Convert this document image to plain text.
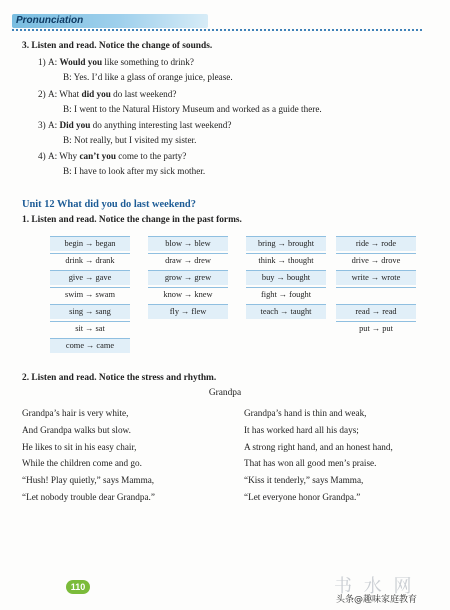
Pronunciation
3. Listen and read. Notice the change of sounds.
1) A: Would you like something to drink?
B: Yes. I’d like a glass of orange juice, please.
2) A: What did you do last weekend?
B: I went to the Natural History Museum and worked as a guide there.
3) A: Did you do anything interesting last weekend?
B: Not really, but I visited my sister.
4) A: Why can’t you come to the party?
B: I have to look after my sick mother.
Unit 12 What did you do last weekend?
1. Listen and read. Notice the change in the past forms.
begin → began
drink → drank
give → gave
swim → swam
sing → sang
sit → sat
come → came
blow → blew
draw → drew
grow → grew
know → knew
fly → flew
bring → brought
think → thought
buy → bought
fight → fought
teach → taught
ride → rode
drive → drove
write → wrote
read → read
put → put
2. Listen and read. Notice the stress and rhythm.
Grandpa
Grandpa’s hair is very white,
And Grandpa walks but slow.
He likes to sit in his easy chair,
While the children come and go.
“Hush! Play quietly,” says Mamma,
“Let nobody trouble dear Grandpa.”
Grandpa’s hand is thin and weak,
It has worked hard all his days;
A strong right hand, and an honest hand,
That has won all good men’s praise.
“Kiss it tenderly,” says Mamma,
“Let everyone honor Grandpa.”
110	书 水 网
头条@趣味家庭教育
